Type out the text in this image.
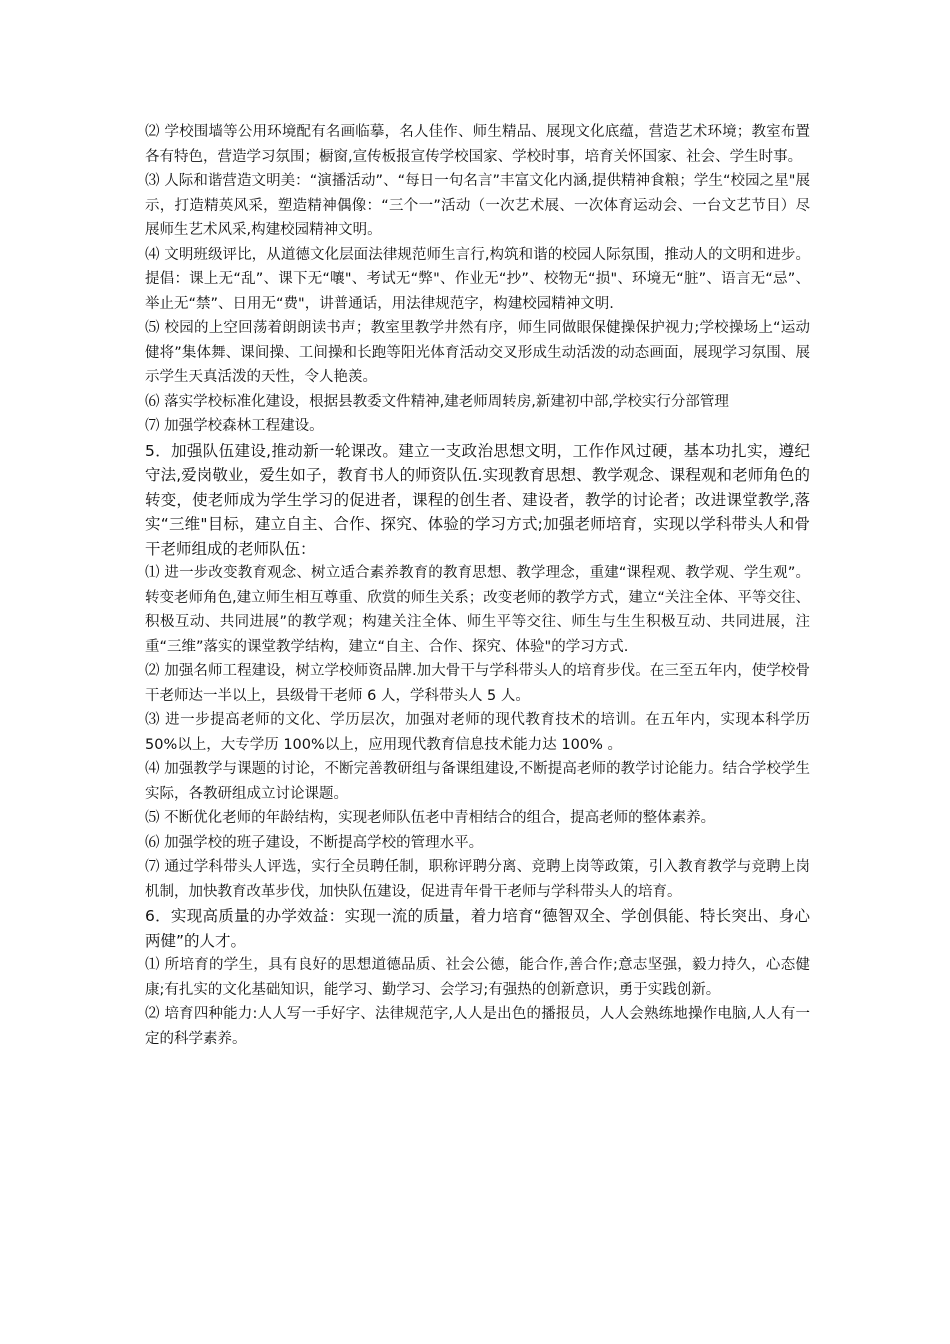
⑵ 学校围墙等公用环境配有名画临摹，名人佳作、师生精品、展现文化底蕴，营造艺术环境；教室布置各有特色，营造学习氛围；橱窗,宣传板报宣传学校国家、学校时事，培育关怀国家、社会、学生时事。

⑶ 人际和谐营造文明美：“演播活动”、“每日一句名言”丰富文化内涵,提供精神食粮；学生“校园之星"展示，打造精英风采，塑造精神偶像：“三个一”活动（一次艺术展、一次体育运动会、一台文艺节目）尽展师生艺术风采,构建校园精神文明。

⑷ 文明班级评比，从道德文化层面法律规范师生言行,构筑和谐的校园人际氛围，推动人的文明和进步。提倡：课上无“乱”、课下无“嚷"、考试无“弊"、作业无“抄”、校物无“损"、环境无“脏”、语言无“忌”、举止无“禁”、日用无“费"，讲普通话，用法律规范字，构建校园精神文明.

⑸ 校园的上空回荡着朗朗读书声；教室里教学井然有序，师生同做眼保健操保护视力;学校操场上“运动健将”集体舞、课间操、工间操和长跑等阳光体育活动交叉形成生动活泼的动态画面，展现学习氛围、展示学生天真活泼的天性，令人艳羡。

⑹ 落实学校标准化建设，根据县教委文件精神,建老师周转房,新建初中部,学校实行分部管理

⑺ 加强学校森林工程建设。

5．加强队伍建设,推动新一轮课改。建立一支政治思想文明，工作作风过硬，基本功扎实，遵纪守法,爱岗敬业，爱生如子，教育书人的师资队伍.实现教育思想、教学观念、课程观和老师角色的转变，使老师成为学生学习的促进者，课程的创生者、建设者，教学的讨论者；改进课堂教学,落实“三维"目标，建立自主、合作、探究、体验的学习方式;加强老师培育，实现以学科带头人和骨干老师组成的老师队伍：

⑴ 进一步改变教育观念、树立适合素养教育的教育思想、教学理念，重建“课程观、教学观、学生观”。转变老师角色,建立师生相互尊重、欣赏的师生关系；改变老师的教学方式，建立“关注全体、平等交往、积极互动、共同进展”的教学观；构建关注全体、师生平等交往、师生与生生积极互动、共同进展，注重“三维”落实的课堂教学结构，建立“自主、合作、探究、体验"的学习方式.

⑵ 加强名师工程建设，树立学校师资品牌.加大骨干与学科带头人的培育步伐。在三至五年内，使学校骨干老师达一半以上，县级骨干老师 6 人，学科带头人 5 人。

⑶ 进一步提高老师的文化、学历层次，加强对老师的现代教育技术的培训。在五年内，实现本科学历 50%以上，大专学历 100%以上，应用现代教育信息技术能力达 100% 。

⑷ 加强教学与课题的讨论，不断完善教研组与备课组建设,不断提高老师的教学讨论能力。结合学校学生实际，各教研组成立讨论课题。

⑸ 不断优化老师的年龄结构，实现老师队伍老中青相结合的组合，提高老师的整体素养。

⑹ 加强学校的班子建设，不断提高学校的管理水平。

⑺ 通过学科带头人评选，实行全员聘任制，职称评聘分离、竞聘上岗等政策，引入教育教学与竞聘上岗机制，加快教育改革步伐，加快队伍建设，促进青年骨干老师与学科带头人的培育。

6．实现高质量的办学效益：实现一流的质量，着力培育“德智双全、学创俱能、特长突出、身心两健”的人才。

⑴ 所培育的学生，具有良好的思想道德品质、社会公德，能合作,善合作;意志坚强，毅力持久，心态健康;有扎实的文化基础知识，能学习、勤学习、会学习;有强热的创新意识，勇于实践创新。

⑵ 培育四种能力:人人写一手好字、法律规范字,人人是出色的播报员，人人会熟练地操作电脑,人人有一定的科学素养。
